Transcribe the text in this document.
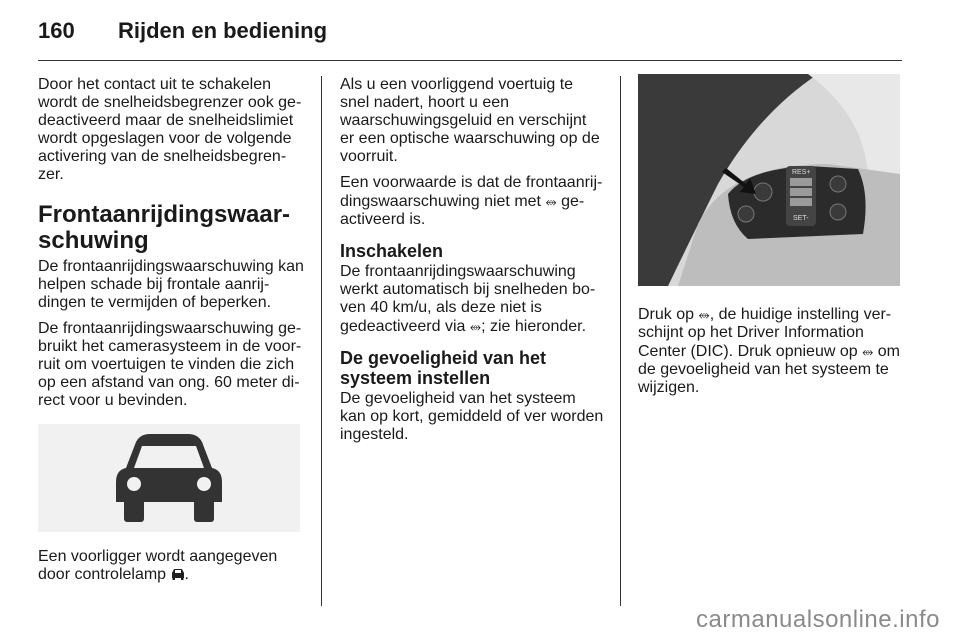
160 Rijden en bediening

Door het contact uit te schakelen wordt de snelheidsbegrenzer ook gedeactiveerd maar de snelheidslimiet wordt opgeslagen voor de volgende activering van de snelheidsbegrenzer.

Frontaanrijdingswaarschuwing

De frontaanrijdingswaarschuwing kan helpen schade bij frontale aanrijdingen te vermijden of beperken.

De frontaanrijdingswaarschuwing gebruikt het camerasysteem in de voorruit om voertuigen te vinden die zich op een afstand van ong. 60 meter direct voor u bevinden.

Een voorligger wordt aangegeven door controlelamp .

Als u een voorliggend voertuig te snel nadert, hoort u een waarschuwingsgeluid en verschijnt er een optische waarschuwing op de voorruit.

Een voorwaarde is dat de frontaanrijdingswaarschuwing niet met ⥈ geactiveerd is.

Inschakelen

De frontaanrijdingswaarschuwing werkt automatisch bij snelheden boven 40 km/u, als deze niet is gedeactiveerd via ⥈; zie hieronder.

De gevoeligheid van het systeem instellen

De gevoeligheid van het systeem kan op kort, gemiddeld of ver worden ingesteld.

RES+
SET-

Druk op ⥈, de huidige instelling verschijnt op het Driver Information Center (DIC). Druk opnieuw op ⥈ om de gevoeligheid van het systeem te wijzigen.

carmanualsonline.info
